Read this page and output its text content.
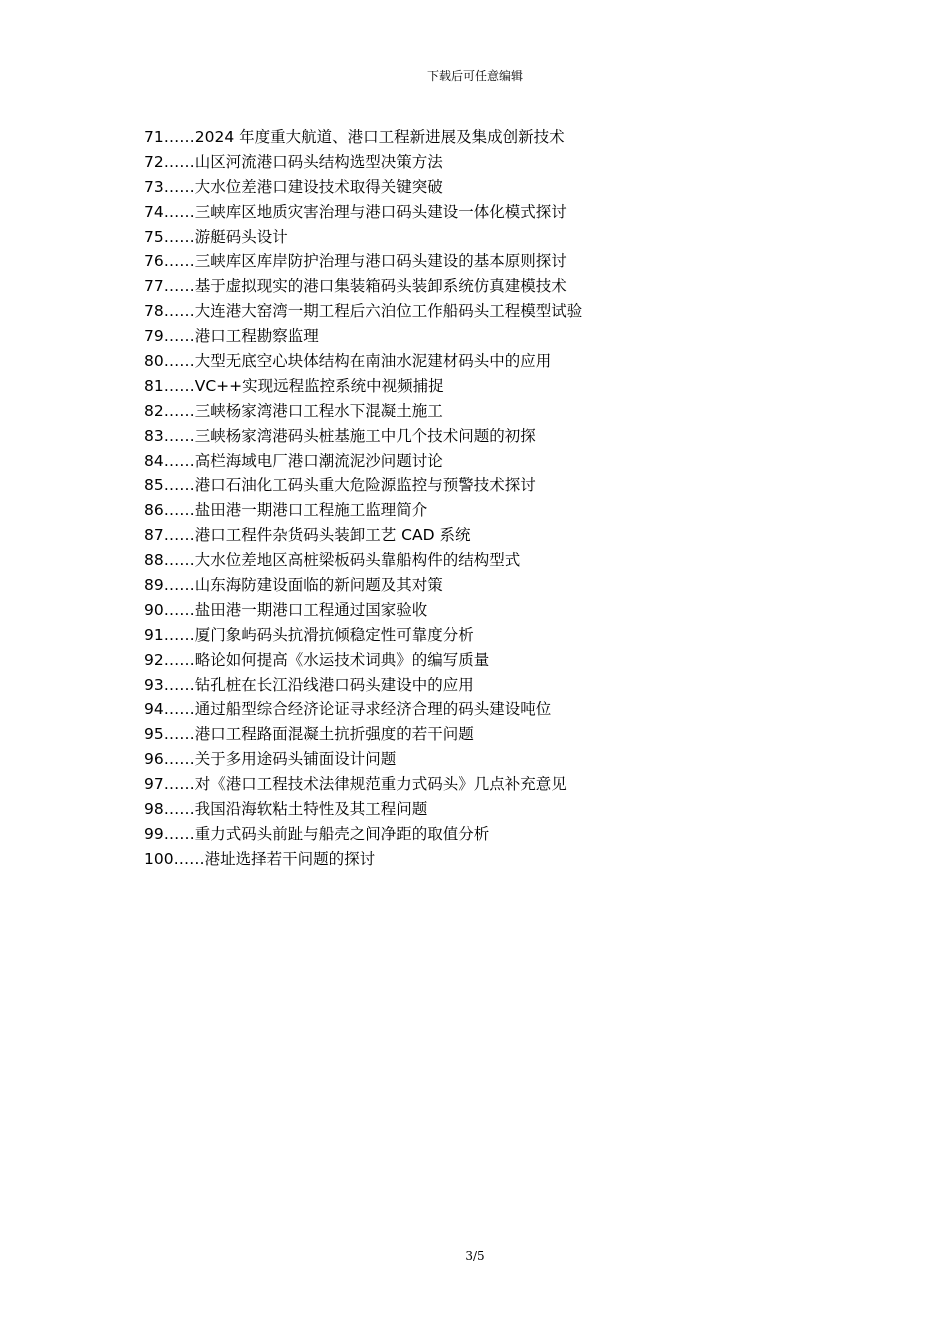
下载后可任意编辑
71……2024 年度重大航道、港口工程新进展及集成创新技术
72……山区河流港口码头结构选型决策方法
73……大水位差港口建设技术取得关键突破
74……三峡库区地质灾害治理与港口码头建设一体化模式探讨
75……游艇码头设计
76……三峡库区库岸防护治理与港口码头建设的基本原则探讨
77……基于虚拟现实的港口集装箱码头装卸系统仿真建模技术
78……大连港大窑湾一期工程后六泊位工作船码头工程模型试验
79……港口工程勘察监理
80……大型无底空心块体结构在南油水泥建材码头中的应用
81……VC++实现远程监控系统中视频捕捉
82……三峡杨家湾港口工程水下混凝土施工
83……三峡杨家湾港码头桩基施工中几个技术问题的初探
84……高栏海域电厂港口潮流泥沙问题讨论
85……港口石油化工码头重大危险源监控与预警技术探讨
86……盐田港一期港口工程施工监理简介
87……港口工程件杂货码头装卸工艺 CAD 系统
88……大水位差地区高桩梁板码头靠船构件的结构型式
89……山东海防建设面临的新问题及其对策
90……盐田港一期港口工程通过国家验收
91……厦门象屿码头抗滑抗倾稳定性可靠度分析
92……略论如何提高《水运技术词典》的编写质量
93……钻孔桩在长江沿线港口码头建设中的应用
94……通过船型综合经济论证寻求经济合理的码头建设吨位
95……港口工程路面混凝土抗折强度的若干问题
96……关于多用途码头铺面设计问题
97……对《港口工程技术法律规范重力式码头》几点补充意见
98……我国沿海软粘土特性及其工程问题
99……重力式码头前趾与船壳之间净距的取值分析
100……港址选择若干问题的探讨
3/5
